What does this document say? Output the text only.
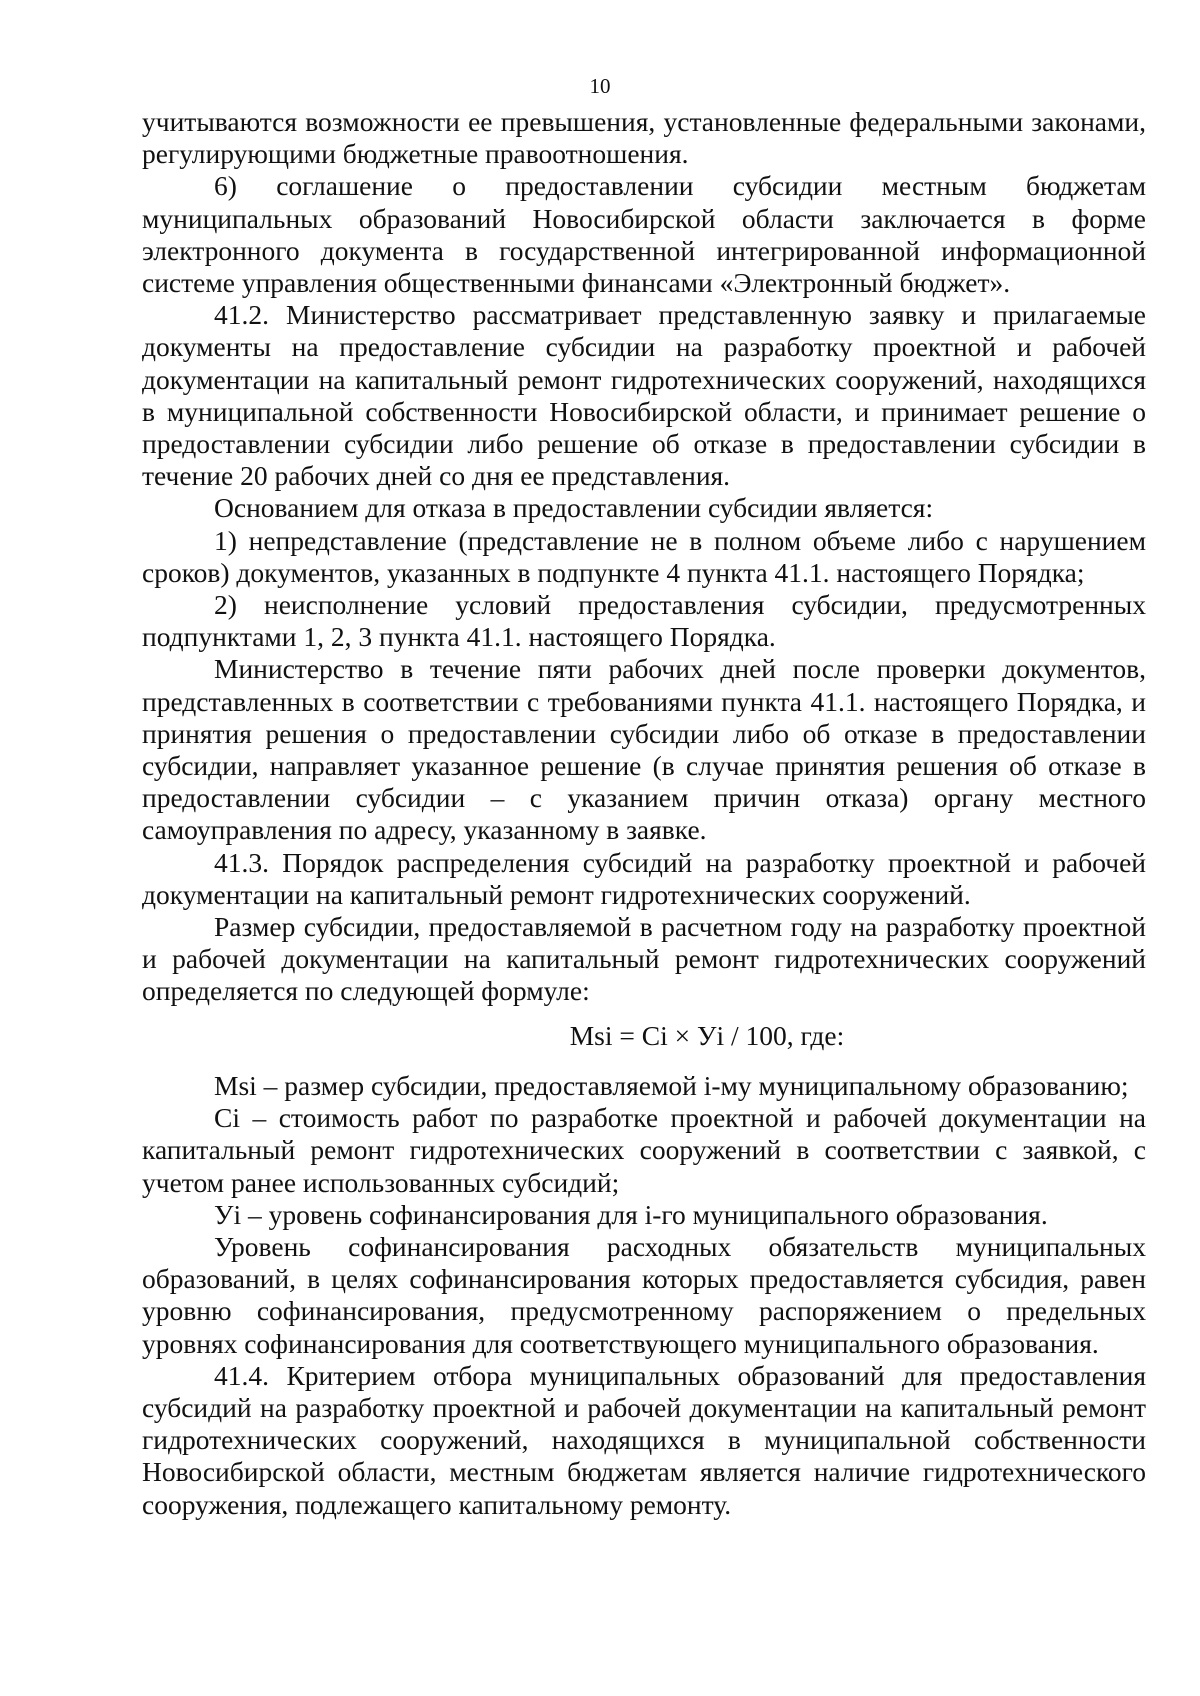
10

учитываются возможности ее превышения, установленные федеральными законами, регулирующими бюджетные правоотношения.

6) соглашение о предоставлении субсидии местным бюджетам муниципальных образований Новосибирской области заключается в форме электронного документа в государственной интегрированной информационной системе управления общественными финансами «Электронный бюджет».

41.2. Министерство рассматривает представленную заявку и прилагаемые документы на предоставление субсидии на разработку проектной и рабочей документации на капитальный ремонт гидротехнических сооружений, находящихся в муниципальной собственности Новосибирской области, и принимает решение о предоставлении субсидии либо решение об отказе в предоставлении субсидии в течение 20 рабочих дней со дня ее представления.

Основанием для отказа в предоставлении субсидии является:

1) непредставление (представление не в полном объеме либо с нарушением сроков) документов, указанных в подпункте 4 пункта 41.1. настоящего Порядка;

2) неисполнение условий предоставления субсидии, предусмотренных подпунктами 1, 2, 3 пункта 41.1. настоящего Порядка.

Министерство в течение пяти рабочих дней после проверки документов, представленных в соответствии с требованиями пункта 41.1. настоящего Порядка, и принятия решения о предоставлении субсидии либо об отказе в предоставлении субсидии, направляет указанное решение (в случае принятия решения об отказе в предоставлении субсидии – с указанием причин отказа) органу местного самоуправления по адресу, указанному в заявке.

41.3. Порядок распределения субсидий на разработку проектной и рабочей документации на капитальный ремонт гидротехнических сооружений.

Размер субсидии, предоставляемой в расчетном году на разработку проектной и рабочей документации на капитальный ремонт гидротехнических сооружений определяется по следующей формуле:

Msi = Ci × Уi / 100, где:

Msi – размер субсидии, предоставляемой i-му муниципальному образованию;

Ci – стоимость работ по разработке проектной и рабочей документации на капитальный ремонт гидротехнических сооружений в соответствии с заявкой, с учетом ранее использованных субсидий;

Уi – уровень софинансирования для i-го муниципального образования.

Уровень софинансирования расходных обязательств муниципальных образований, в целях софинансирования которых предоставляется субсидия, равен уровню софинансирования, предусмотренному распоряжением о предельных уровнях софинансирования для соответствующего муниципального образования.

41.4. Критерием отбора муниципальных образований для предоставления субсидий на разработку проектной и рабочей документации на капитальный ремонт гидротехнических сооружений, находящихся в муниципальной собственности Новосибирской области, местным бюджетам является наличие гидротехнического сооружения, подлежащего капитальному ремонту.
